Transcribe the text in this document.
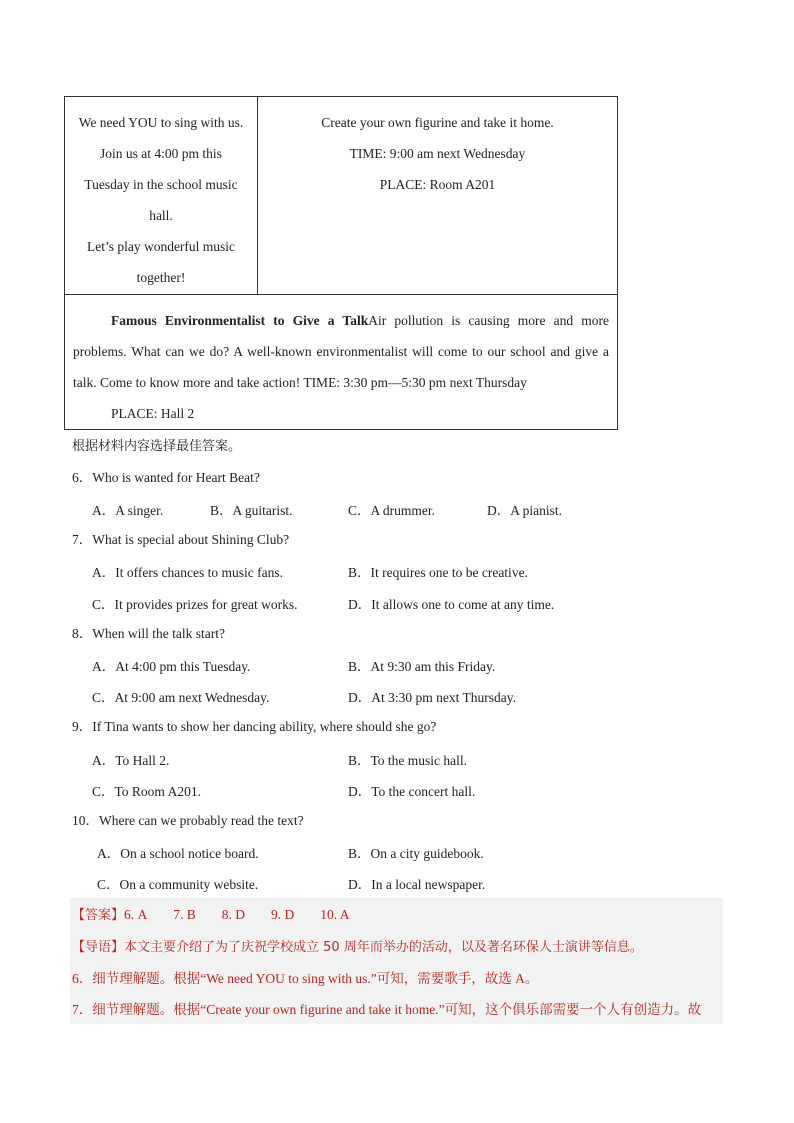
We need YOU to sing with us.

Join us at 4:00 pm this

Tuesday in the school music

hall.

Let’s play wonderful music

together!

Create your own figurine and take it home.

TIME: 9:00 am next Wednesday

PLACE: Room A201

Famous Environmentalist to Give a TalkAir pollution is causing more and more problems. What can we do? A well-known environmentalist will come to our school and give a talk. Come to know more and take action! TIME: 3:30 pm—5:30 pm next Thursday

PLACE: Hall 2

根据材料内容选择最佳答案。
6．Who is wanted for Heart Beat?
A．A singer.	B．A guitarist.	C．A drummer.	D．A pianist.
7．What is special about Shining Club?
A．It offers chances to music fans.	B．It requires one to be creative.
C．It provides prizes for great works.	D．It allows one to come at any time.
8．When will the talk start?
A．At 4:00 pm this Tuesday.	B．At 9:30 am this Friday.
C．At 9:00 am next Wednesday.	D．At 3:30 pm next Thursday.
9．If Tina wants to show her dancing ability, where should she go?
A．To Hall 2.	B．To the music hall.
C．To Room A201.	D．To the concert hall.
10．Where can we probably read the text?
A．On a school notice board.	B．On a city guidebook.
C．On a community website.	D．In a local newspaper.
【答案】6. A 7. B 8. D 9. D 10. A
【导语】本文主要介绍了为了庆祝学校成立 50 周年而举办的活动，以及著名环保人士演讲等信息。
6．细节理解题。根据“We need YOU to sing with us.”可知，需要歌手，故选 A。
7．细节理解题。根据“Create your own figurine and take it home.”可知，这个俱乐部需要一个人有创造力。故
